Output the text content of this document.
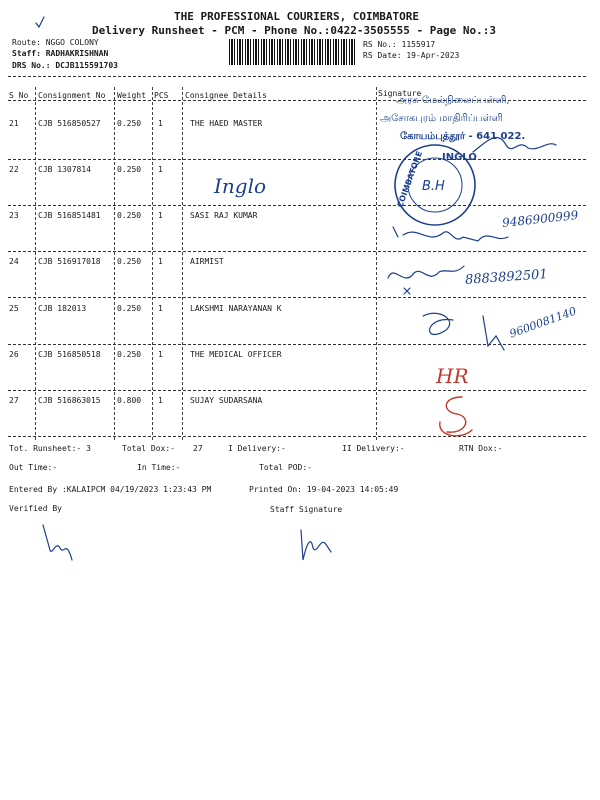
THE PROFESSIONAL COURIERS, COIMBATORE
Delivery Runsheet - PCM - Phone No.:0422-3505555 - Page No.:3
Route: NGGO COLONY
Staff: RADHAKRISHNAN
DRS No.: DCJB115591703
RS No.: 1155917
RS Date: 19-Apr-2023
S No Consignment No Weight PCS Consignee Details	Signature
21 CJB 516850527 0.250 1	THE HAED MASTER
22 CJB 1307814	0.250 1
23 CJB 516851481 0.250 1	SASI RAJ KUMAR
24 CJB 516917018 0.250 1	AIRMIST
25 CJB 182013	0.250 1	LAKSHMI NARAYANAN K
26 CJB 516850518 0.250 1	THE MEDICAL OFFICER
27 CJB 516863015 0.800 1	SUJAY SUDARSANA
அரசு மேல்நிலைப்பள்ளி,
அசோகபுரம் மாதிரிப்பள்ளி
கோயம்புத்தூர் - 641 022.
INGLO
COIMBATORE
B.H
Inglo
9486900999
8883892501
9600081140
HR
Tot. Runsheet:- 3	Total Dox:- 27	I Delivery:-	II Delivery:-	RTN Dox:-
Out Time:-	In Time:-	Total POD:-
Entered By :KALAIPCM 04/19/2023 1:23:43 PM	Printed On: 19-04-2023 14:05:49
Verified By	Staff Signature
